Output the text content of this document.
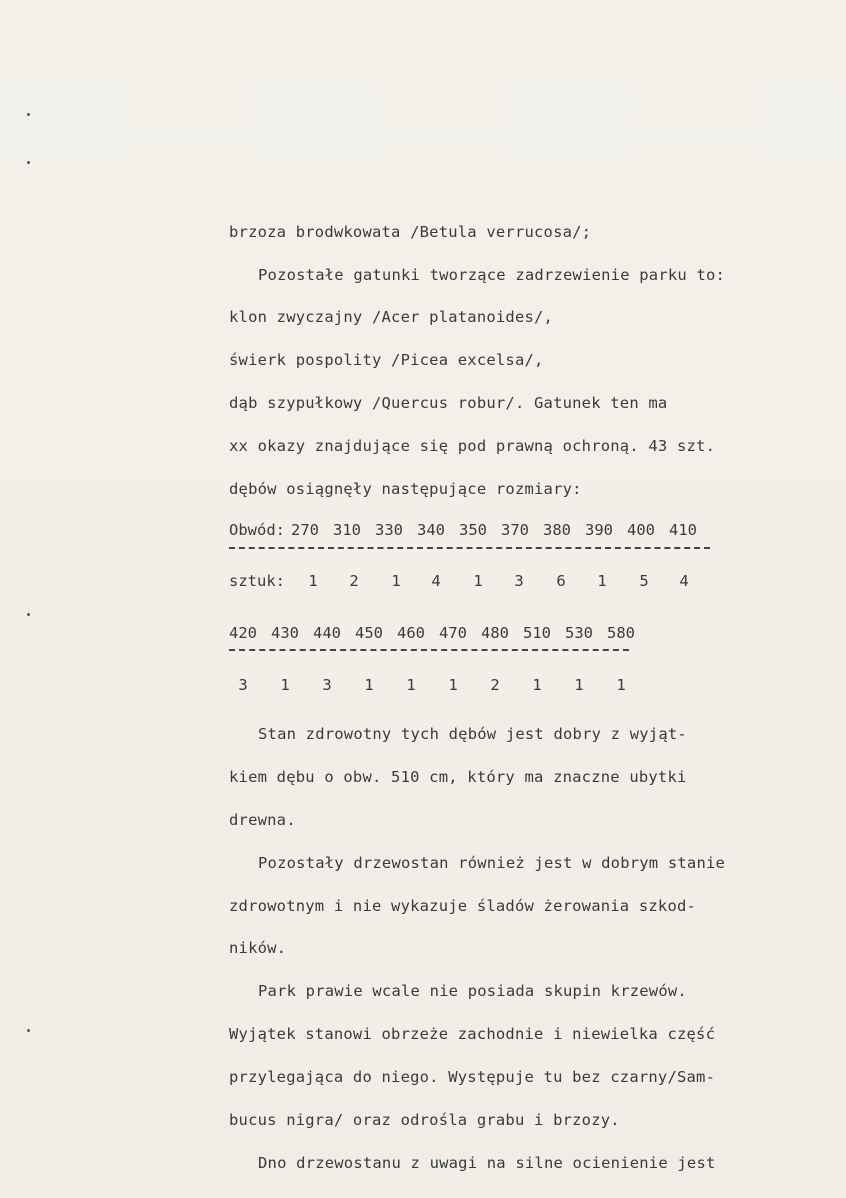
brzoza brodwkowata /Betula verrucosa/;
Pozostałe gatunki tworzące zadrzewienie parku to:
klon zwyczajny /Acer platanoides/,
świerk pospolity /Picea excelsa/,
dąb szypułkowy /Quercus robur/. Gatunek ten ma
xx okazy znajdujące się pod prawną ochroną. 43 szt.
dębów osiągnęły następujące rozmiary:
Obwód: 270 310 330 340 350 370 380 390 400 410
sztuk:	1	2	1	4	1	3	6	1	5	4
420 430 440 450 460 470 480 510 530 580
3	1	3	1	1	1	2	1	1	1
Stan zdrowotny tych dębów jest dobry z wyjąt-
kiem dębu o obw. 510 cm, który ma znaczne ubytki
drewna.
Pozostały drzewostan również jest w dobrym stanie
zdrowotnym i nie wykazuje śladów żerowania szkod-
ników.
Park prawie wcale nie posiada skupin krzewów.
Wyjątek stanowi obrzeże zachodnie i niewielka część
przylegająca do niego. Występuje tu bez czarny/Sam-
bucus nigra/ oraz odrośla grabu i brzozy.
Dno drzewostanu z uwagi na silne ocienienie jest
